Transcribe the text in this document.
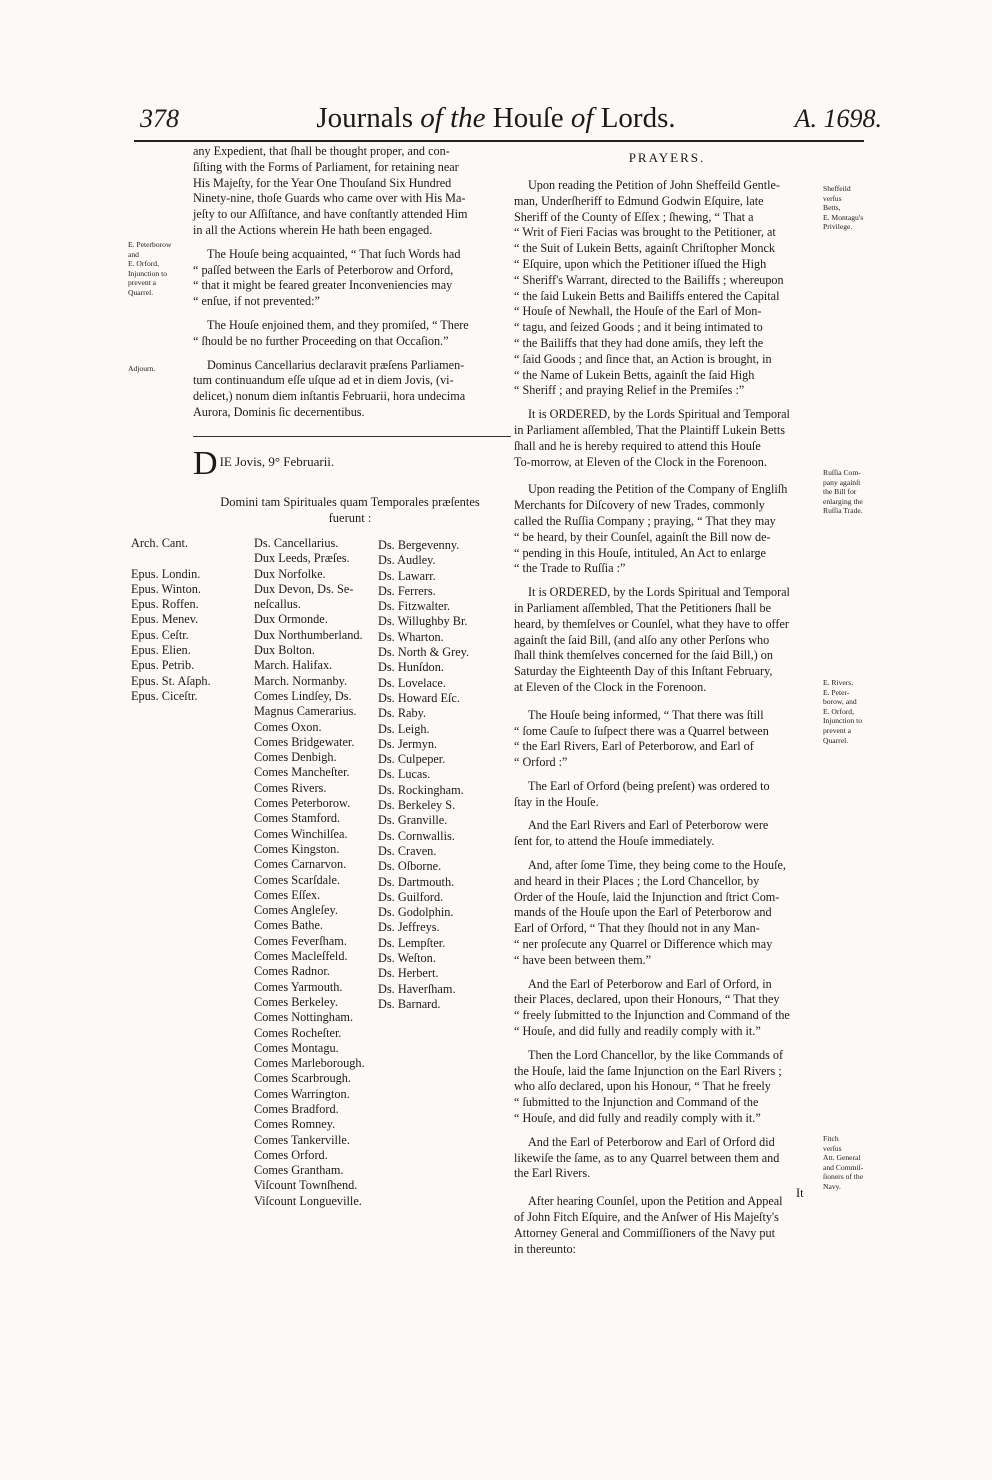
378	Journals of the Houſe of Lords.	A. 1698.

any Expedient, that ſhall be thought proper, and con-
ſiſting with the Forms of Parliament, for retaining near
His Majeſty, for the Year One Thouſand Six Hundred
Ninety-nine, thoſe Guards who came over with His Ma-
jeſty to our Aſſiſtance, and have conſtantly attended Him
in all the Actions wherein He hath been engaged.

The Houſe being acquainted, “ That ſuch Words had
“ paſſed between the Earls of Peterborow and Orford,
“ that it might be feared greater Inconveniencies may
“ enſue, if not prevented:”

The Houſe enjoined them, and they promiſed, “ There
“ ſhould be no further Proceeding on that Occaſion.”

Dominus Cancellarius declaravit præſens Parliamen-
tum continuandum eſſe uſque ad et in diem Jovis, (vi-
delicet,) nonum diem inſtantis Februarii, hora undecima
Aurora, Dominis ſic decernentibus.

E. Peterborow
and
E. Orford,
Injunction to
prevent a
Quarrel.

Adjourn.

D IE Jovis, 9° Februarii.

Domini tam Spirituales quam Temporales præſentes
fuerunt :

Arch. Cant.

Epus. Londin.
Epus. Winton.
Epus. Roffen.
Epus. Menev.
Epus. Ceſtr.
Epus. Elien.
Epus. Petrib.
Epus. St. Aſaph.
Epus. Ciceſtr.
Ds. Cancellarius.
Dux Leeds, Præſes.
Dux Norfolke.
Dux Devon, Ds. Se-
neſcallus.
Dux Ormonde.
Dux Northumberland.
Dux Bolton.
March. Halifax.
March. Normanby.
Comes Lindſey, Ds.
Magnus Camerarius.
Comes Oxon.
Comes Bridgewater.
Comes Denbigh.
Comes Mancheſter.
Comes Rivers.
Comes Peterborow.
Comes Stamford.
Comes Winchilſea.
Comes Kingston.
Comes Carnarvon.
Comes Scarſdale.
Comes Eſſex.
Comes Angleſey.
Comes Bathe.
Comes Feverſham.
Comes Macleſfeld.
Comes Radnor.
Comes Yarmouth.
Comes Berkeley.
Comes Nottingham.
Comes Rocheſter.
Comes Montagu.
Comes Marleborough.
Comes Scarbrough.
Comes Warrington.
Comes Bradford.
Comes Romney.
Comes Tankerville.
Comes Orford.
Comes Grantham.
Viſcount Townſhend.
Viſcount Longueville.
Ds. Bergevenny.
Ds. Audley.
Ds. Lawarr.
Ds. Ferrers.
Ds. Fitzwalter.
Ds. Willughby Br.
Ds. Wharton.
Ds. North & Grey.
Ds. Hunſdon.
Ds. Lovelace.
Ds. Howard Eſc.
Ds. Raby.
Ds. Leigh.
Ds. Jermyn.
Ds. Culpeper.
Ds. Lucas.
Ds. Rockingham.
Ds. Berkeley S.
Ds. Granville.
Ds. Cornwallis.
Ds. Craven.
Ds. Oſborne.
Ds. Dartmouth.
Ds. Guilford.
Ds. Godolphin.
Ds. Jeffreys.
Ds. Lempſter.
Ds. Weſton.
Ds. Herbert.
Ds. Haverſham.
Ds. Barnard.
PRAYERS.

Upon reading the Petition of John Sheffeild Gentle-
man, Underſheriff to Edmund Godwin Eſquire, late
Sheriff of the County of Eſſex ; ſhewing, “ That a
“ Writ of Fieri Facias was brought to the Petitioner, at
“ the Suit of Lukein Betts, againſt Chriſtopher Monck
“ Eſquire, upon which the Petitioner iſſued the High
“ Sheriff's Warrant, directed to the Bailiffs ; whereupon
“ the ſaid Lukein Betts and Bailiffs entered the Capital
“ Houſe of Newhall, the Houſe of the Earl of Mon-
“ tagu, and ſeized Goods ; and it being intimated to
“ the Bailiffs that they had done amiſs, they left the
“ ſaid Goods ; and ſince that, an Action is brought, in
“ the Name of Lukein Betts, againſt the ſaid High
“ Sheriff ; and praying Relief in the Premiſes :”

It is ORDERED, by the Lords Spiritual and Temporal
in Parliament aſſembled, That the Plaintiff Lukein Betts
ſhall and he is hereby required to attend this Houſe
To-morrow, at Eleven of the Clock in the Forenoon.

Upon reading the Petition of the Company of Engliſh
Merchants for Diſcovery of new Trades, commonly
called the Ruſſia Company ; praying, “ That they may
“ be heard, by their Counſel, againſt the Bill now de-
“ pending in this Houſe, intituled, An Act to enlarge
“ the Trade to Ruſſia :”

It is ORDERED, by the Lords Spiritual and Temporal
in Parliament aſſembled, That the Petitioners ſhall be
heard, by themſelves or Counſel, what they have to offer
againſt the ſaid Bill, (and alſo any other Perſons who
ſhall think themſelves concerned for the ſaid Bill,) on
Saturday the Eighteenth Day of this Inſtant February,
at Eleven of the Clock in the Forenoon.

The Houſe being informed, “ That there was ſtill
“ ſome Cauſe to ſuſpect there was a Quarrel between
“ the Earl Rivers, Earl of Peterborow, and Earl of
“ Orford :”

The Earl of Orford (being preſent) was ordered to
ſtay in the Houſe.

And the Earl Rivers and Earl of Peterborow were
ſent for, to attend the Houſe immediately.

And, after ſome Time, they being come to the Houſe,
and heard in their Places ; the Lord Chancellor, by
Order of the Houſe, laid the Injunction and ſtrict Com-
mands of the Houſe upon the Earl of Peterborow and
Earl of Orford, “ That they ſhould not in any Man-
“ ner proſecute any Quarrel or Difference which may
“ have been between them.”

And the Earl of Peterborow and Earl of Orford, in
their Places, declared, upon their Honours, “ That they
“ freely ſubmitted to the Injunction and Command of the
“ Houſe, and did fully and readily comply with it.”

Then the Lord Chancellor, by the like Commands of
the Houſe, laid the ſame Injunction on the Earl Rivers ;
who alſo declared, upon his Honour, “ That he freely
“ ſubmitted to the Injunction and Command of the
“ Houſe, and did fully and readily comply with it.”

And the Earl of Peterborow and Earl of Orford did
likewiſe the ſame, as to any Quarrel between them and
the Earl Rivers.

After hearing Counſel, upon the Petition and Appeal
of John Fitch Eſquire, and the Anſwer of His Majeſty's
Attorney General and Commiſſioners of the Navy put
in thereunto:

It

Sheffeild
verſus
Betts,
E. Montagu's
Privilege.

Ruſſia Com-
pany againſt
the Bill for
enlarging the
Ruſſia Trade.

E. Rivers,
E. Peter-
borow, and
E. Orford,
Injunction to
prevent a
Quarrel.

Fitch
verſus
Att. General
and Commiſ-
ſioners of the
Navy.
